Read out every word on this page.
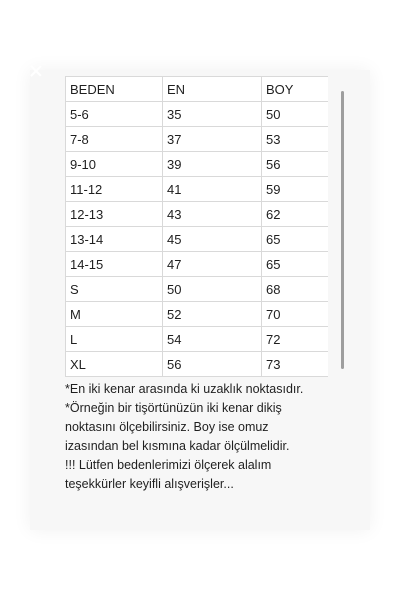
BEDEN	EN	BOY
5-6	35	50
7-8	37	53
9-10	39	56
11-12	41	59
12-13	43	62
13-14	45	65
14-15	47	65
S	50	68
M	52	70
L	54	72
XL	56	73
*En iki kenar arasında ki uzaklık noktasıdır.
*Örneğin bir tişörtünüzün iki kenar dikiş
noktasını ölçebilirsiniz. Boy ise omuz
izasından bel kısmına kadar ölçülmelidir.
!!! Lütfen bedenlerimizi ölçerek alalım
teşekkürler keyifli alışverişler...
